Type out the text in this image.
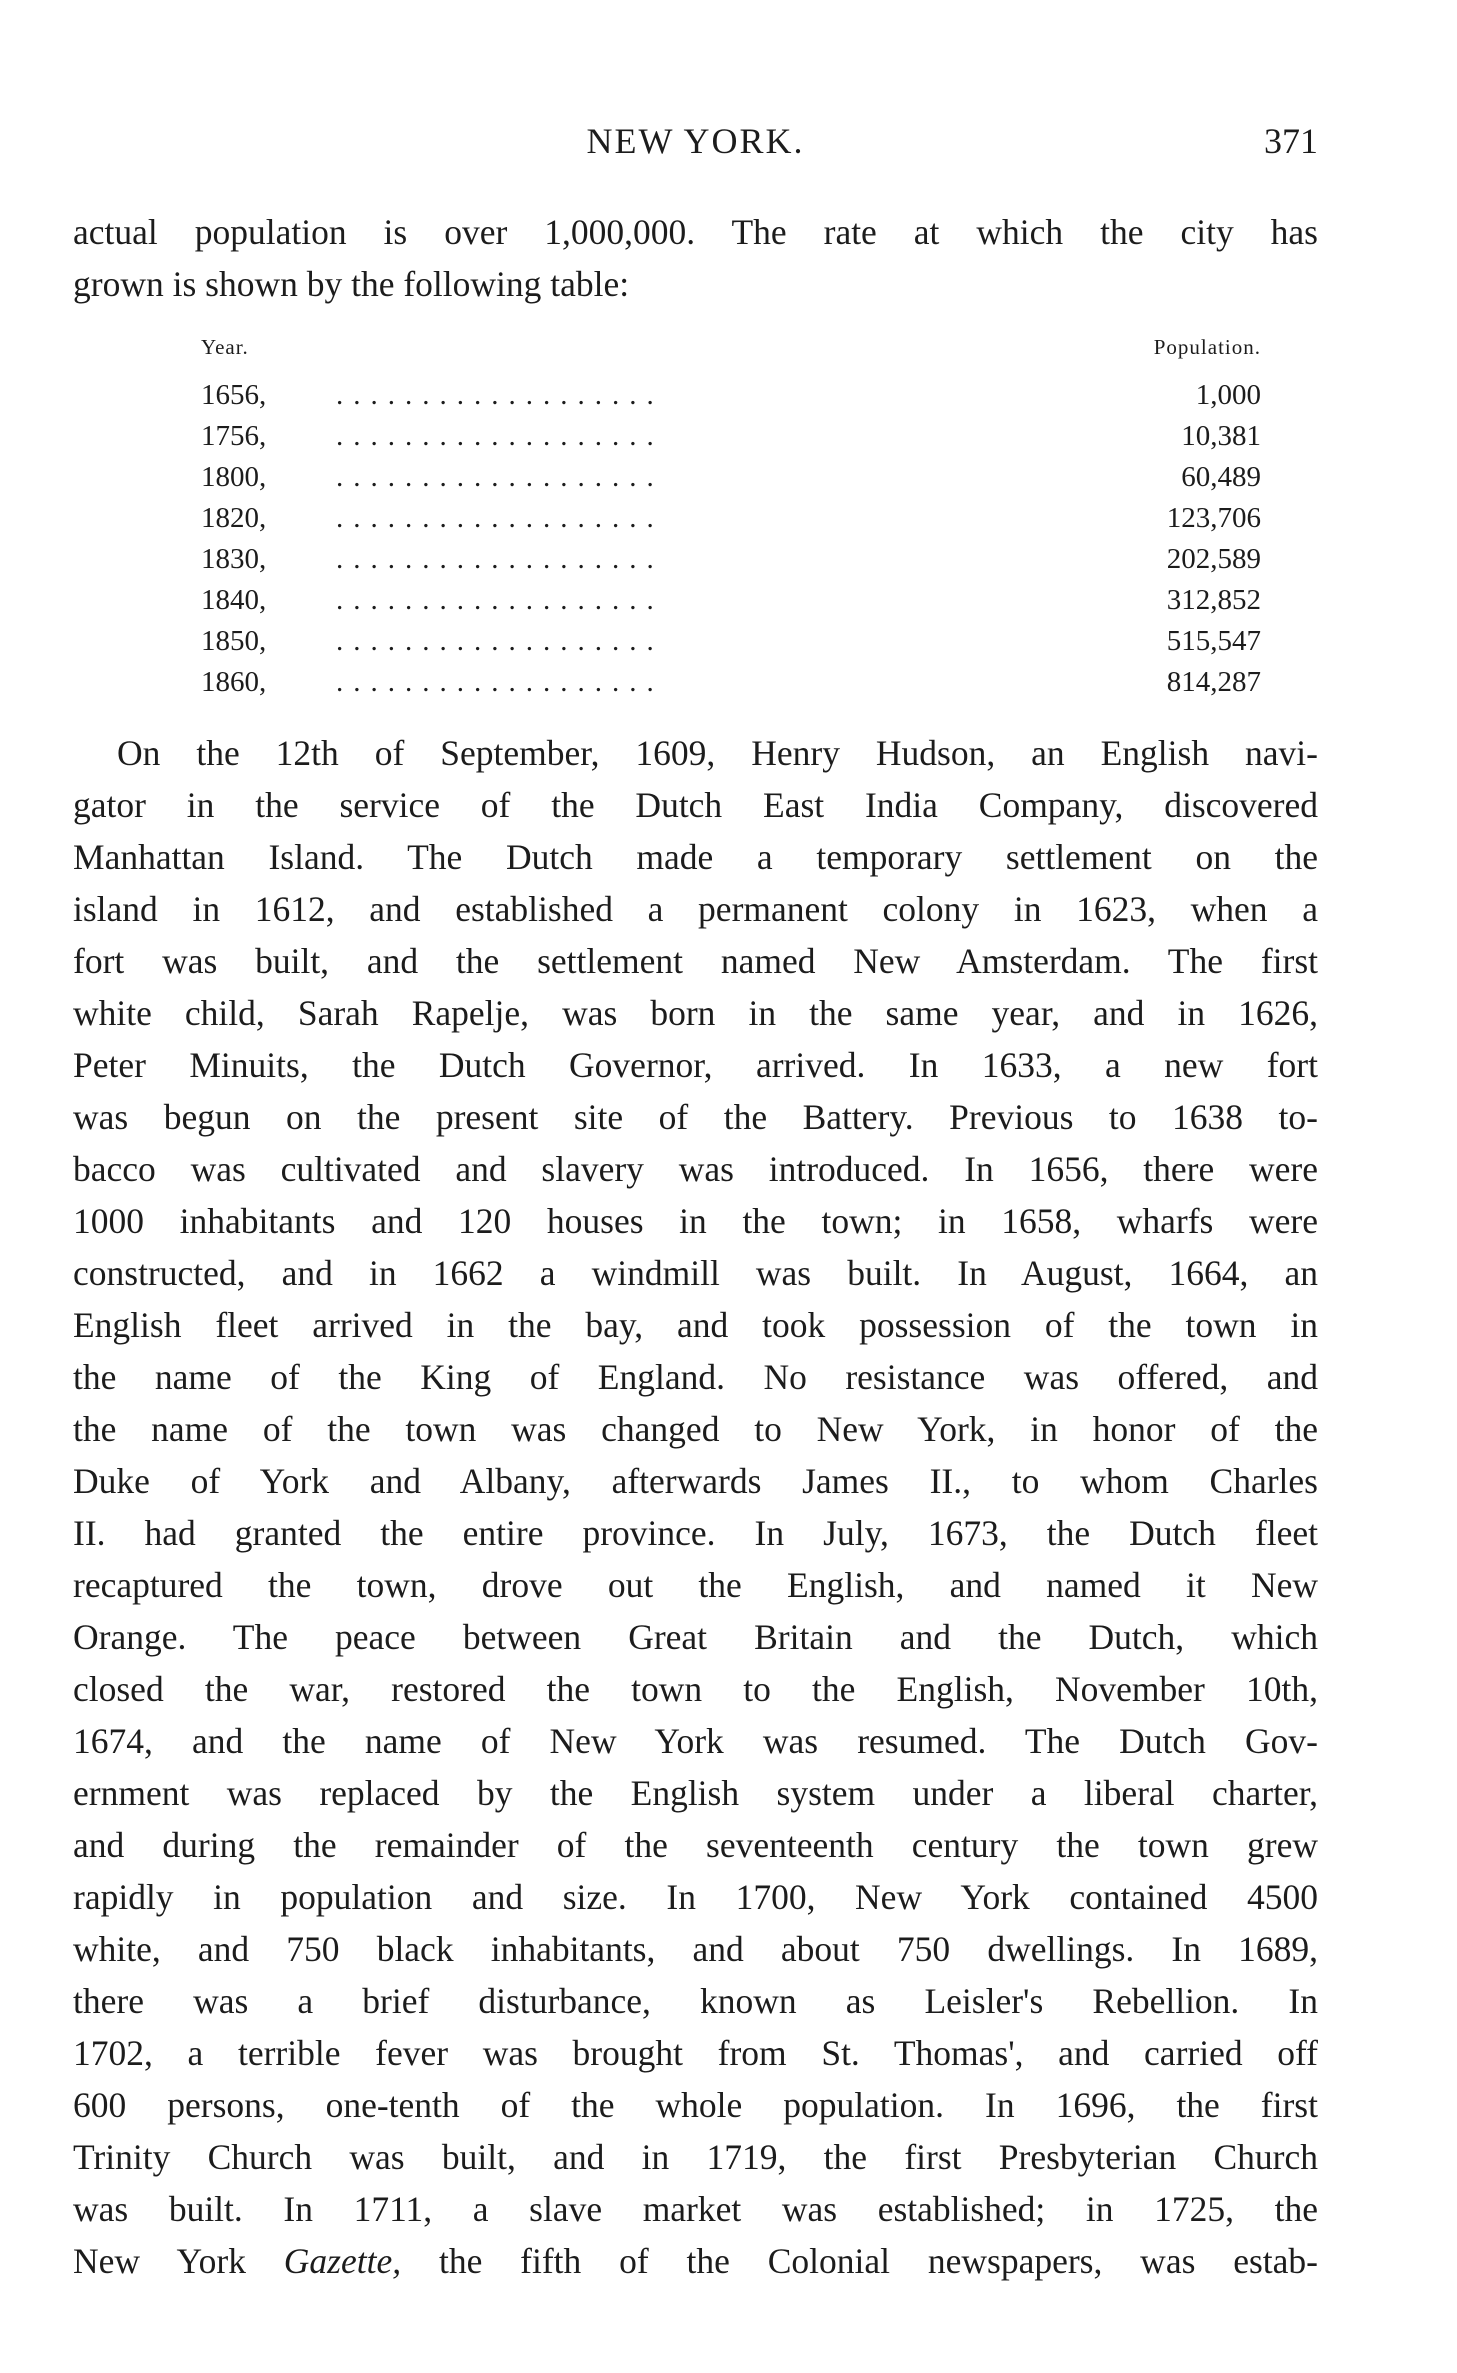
NEW YORK.	371

actual population is over 1,000,000. The rate at which the city has
grown is shown by the following table:

Year.	Population.
1656, ...................	1,000
1756, ...................	10,381
1800, ...................	60,489
1820, ...................	123,706
1830, ...................	202,589
1840, ...................	312,852
1850, ...................	515,547
1860, ...................	814,287

On the 12th of September, 1609, Henry Hudson, an English navi-
gator in the service of the Dutch East India Company, discovered
Manhattan Island. The Dutch made a temporary settlement on the
island in 1612, and established a permanent colony in 1623, when a
fort was built, and the settlement named New Amsterdam. The first
white child, Sarah Rapelje, was born in the same year, and in 1626,
Peter Minuits, the Dutch Governor, arrived. In 1633, a new fort
was begun on the present site of the Battery. Previous to 1638 to-
bacco was cultivated and slavery was introduced. In 1656, there were
1000 inhabitants and 120 houses in the town; in 1658, wharfs were
constructed, and in 1662 a windmill was built. In August, 1664, an
English fleet arrived in the bay, and took possession of the town in
the name of the King of England. No resistance was offered, and
the name of the town was changed to New York, in honor of the
Duke of York and Albany, afterwards James II., to whom Charles
II. had granted the entire province. In July, 1673, the Dutch fleet
recaptured the town, drove out the English, and named it New
Orange. The peace between Great Britain and the Dutch, which
closed the war, restored the town to the English, November 10th,
1674, and the name of New York was resumed. The Dutch Gov-
ernment was replaced by the English system under a liberal charter,
and during the remainder of the seventeenth century the town grew
rapidly in population and size. In 1700, New York contained 4500
white, and 750 black inhabitants, and about 750 dwellings. In 1689,
there was a brief disturbance, known as Leisler's Rebellion. In
1702, a terrible fever was brought from St. Thomas', and carried off
600 persons, one-tenth of the whole population. In 1696, the first
Trinity Church was built, and in 1719, the first Presbyterian Church
was built. In 1711, a slave market was established; in 1725, the
New York Gazette, the fifth of the Colonial newspapers, was estab-
